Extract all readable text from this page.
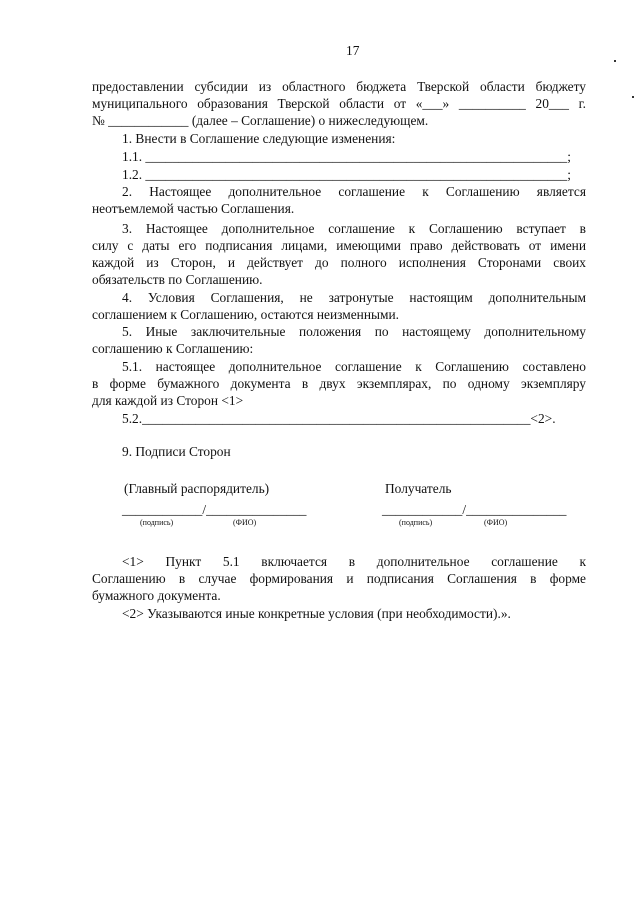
17
предоставлении субсидии из областного бюджета Тверской области бюджету
муниципального образования Тверской области от «___» __________ 20___ г.
№ ____________ (далее – Соглашение) о нижеследующем.
1. Внести в Соглашение следующие изменения:
1.1. _______________________________________________________________;
1.2. _______________________________________________________________;
2. Настоящее дополнительное соглашение к Соглашению является
неотъемлемой частью Соглашения.
3. Настоящее дополнительное соглашение к Соглашению вступает в
силу с даты его подписания лицами, имеющими право действовать от имени
каждой из Сторон, и действует до полного исполнения Сторонами своих
обязательств по Соглашению.
4. Условия Соглашения, не затронутые настоящим дополнительным
соглашением к Соглашению, остаются неизменными.
5. Иные заключительные положения по настоящему дополнительному
соглашению к Соглашению:
5.1. настоящее дополнительное соглашение к Соглашению составлено
в форме бумажного документа в двух экземплярах, по одному экземпляру
для каждой из Сторон <1>
5.2.__________________________________________________________<2>.
9. Подписи Сторон
(Главный распорядитель)	Получатель
____________/_______________	____________/_______________
(подпись)	(ФИО)	(подпись)	(ФИО)
<1> Пункт 5.1 включается в дополнительное соглашение к
Соглашению в случае формирования и подписания Соглашения в форме
бумажного документа.
<2> Указываются иные конкретные условия (при необходимости).».
